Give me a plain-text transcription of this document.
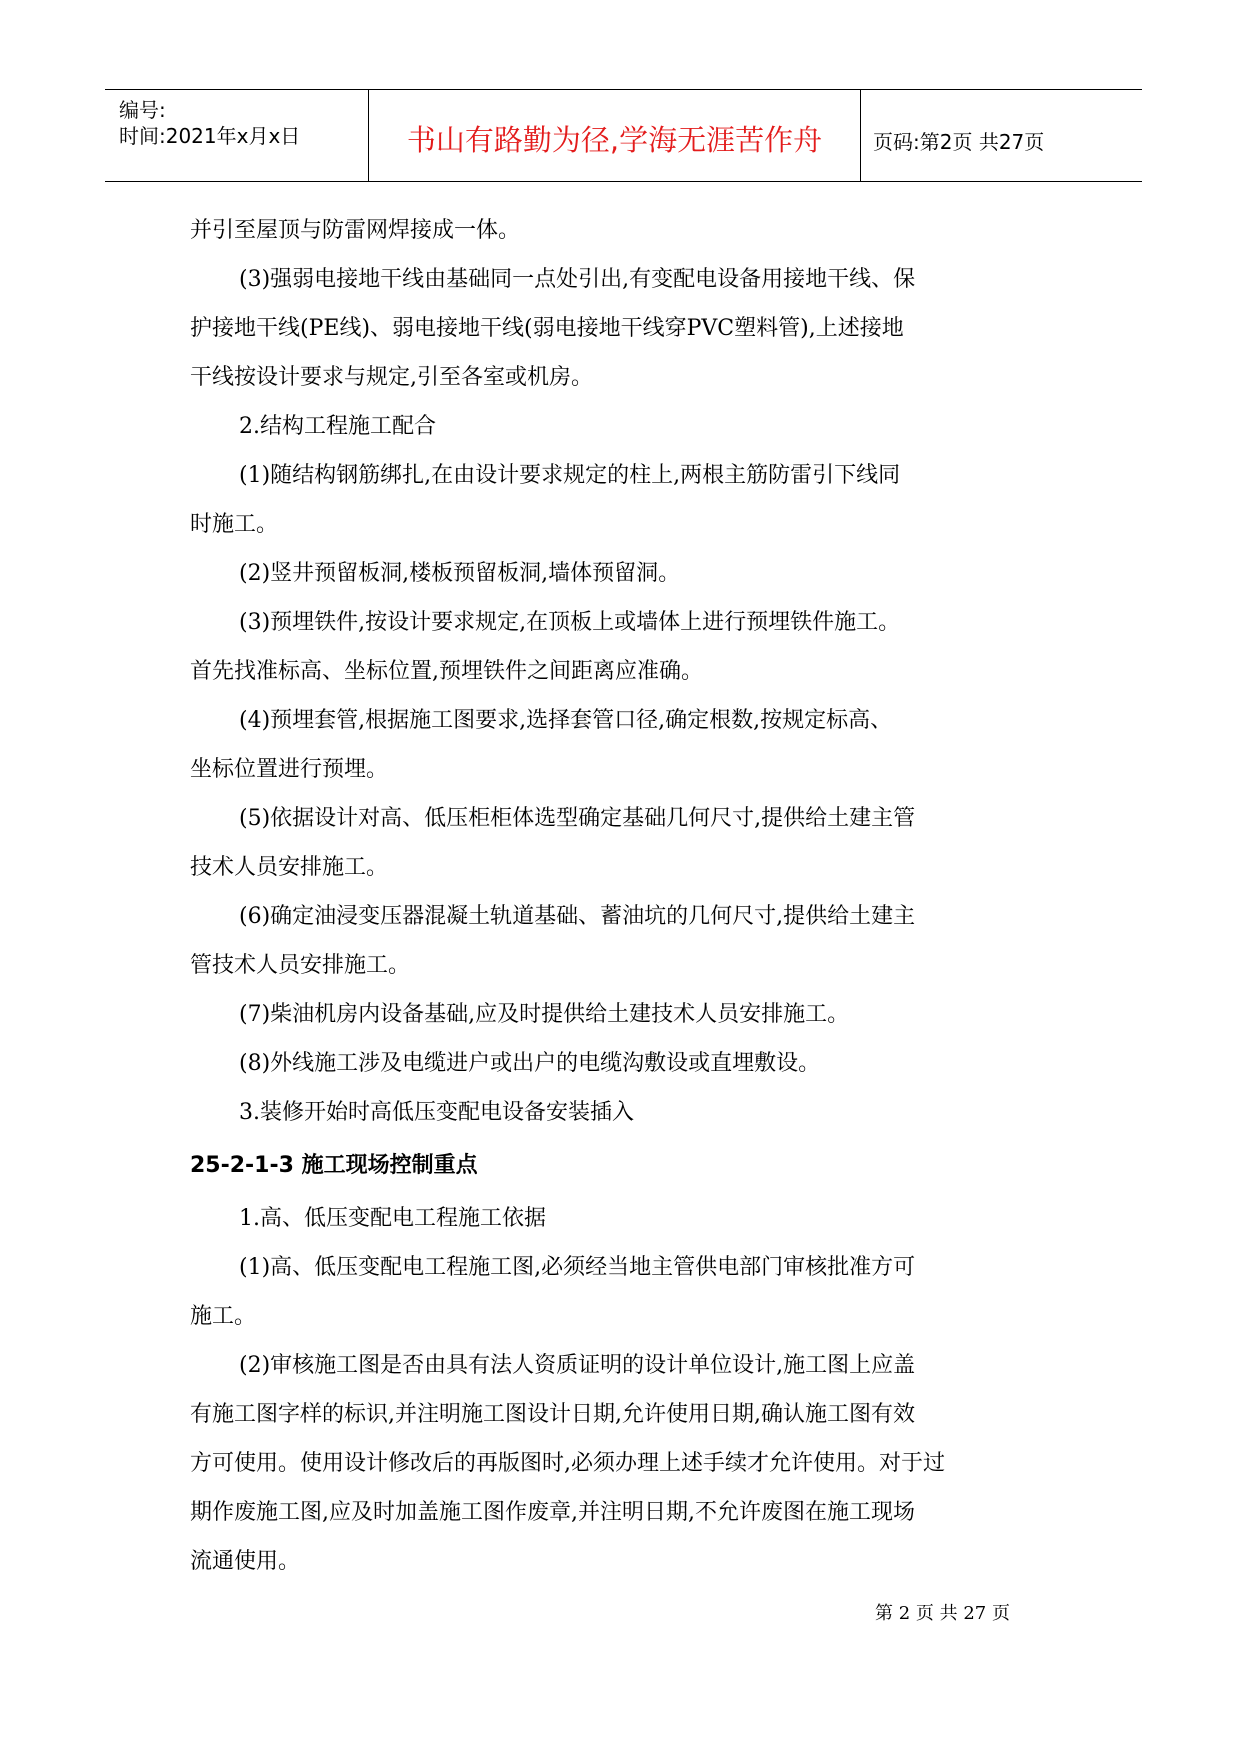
编号:
时间:2021年x月x日	书山有路勤为径,学海无涯苦作舟	页码:第2页 共27页

并引至屋顶与防雷网焊接成一体。

(3)强弱电接地干线由基础同一点处引出,有变配电设备用接地干线、保

护接地干线(PE线)、弱电接地干线(弱电接地干线穿PVC塑料管),上述接地

干线按设计要求与规定,引至各室或机房。

2.结构工程施工配合

(1)随结构钢筋绑扎,在由设计要求规定的柱上,两根主筋防雷引下线同

时施工。

(2)竖井预留板洞,楼板预留板洞,墙体预留洞。

(3)预埋铁件,按设计要求规定,在顶板上或墙体上进行预埋铁件施工。

首先找准标高、坐标位置,预埋铁件之间距离应准确。

(4)预埋套管,根据施工图要求,选择套管口径,确定根数,按规定标高、

坐标位置进行预埋。

(5)依据设计对高、低压柜柜体选型确定基础几何尺寸,提供给土建主管

技术人员安排施工。

(6)确定油浸变压器混凝土轨道基础、蓄油坑的几何尺寸,提供给土建主

管技术人员安排施工。

(7)柴油机房内设备基础,应及时提供给土建技术人员安排施工。

(8)外线施工涉及电缆进户或出户的电缆沟敷设或直埋敷设。

3.装修开始时高低压变配电设备安装插入

25-2-1-3 施工现场控制重点

1.高、低压变配电工程施工依据

(1)高、低压变配电工程施工图,必须经当地主管供电部门审核批准方可

施工。

(2)审核施工图是否由具有法人资质证明的设计单位设计,施工图上应盖

有施工图字样的标识,并注明施工图设计日期,允许使用日期,确认施工图有效

方可使用。使用设计修改后的再版图时,必须办理上述手续才允许使用。对于过

期作废施工图,应及时加盖施工图作废章,并注明日期,不允许废图在施工现场

流通使用。

第 2 页 共 27 页
